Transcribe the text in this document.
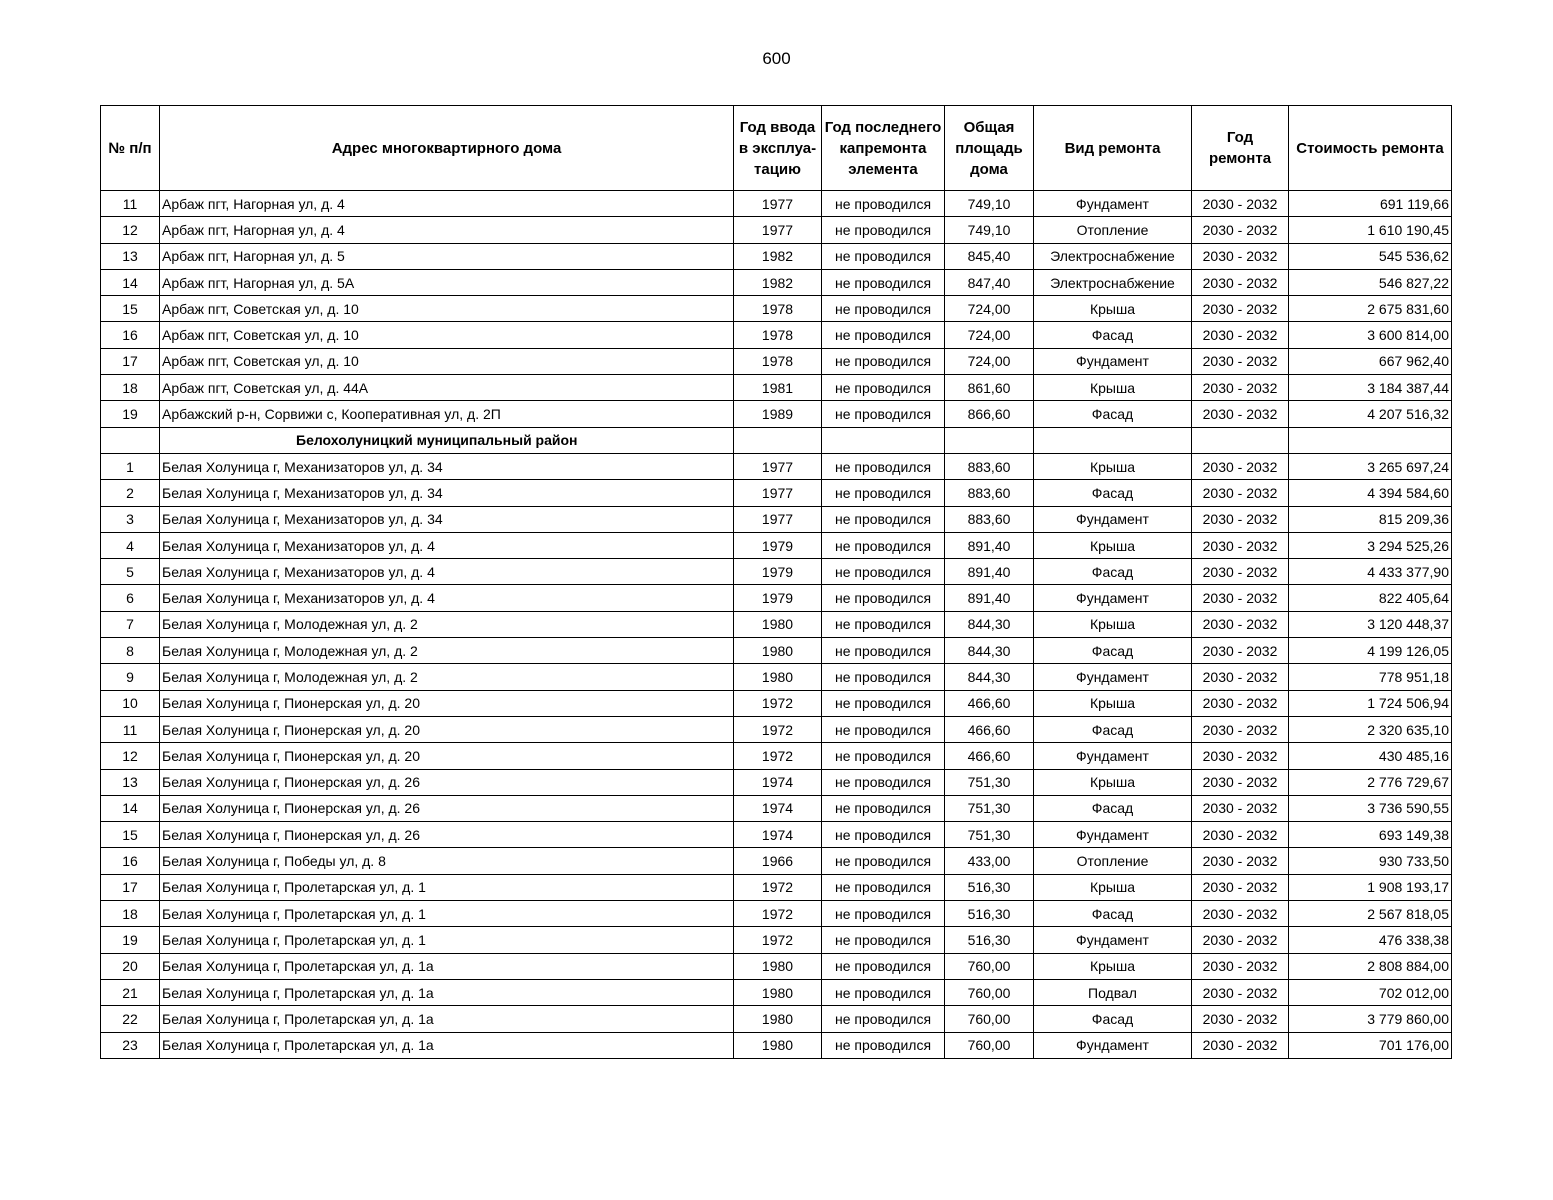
600
№ п/п	Адрес многоквартирного дома	Год ввода в эксплуа-тацию	Год последнего капремонта элемента	Общая площадь дома	Вид ремонта	Год ремонта	Стоимость ремонта
11	Арбаж пгт, Нагорная ул, д. 4	1977	не проводился	749,10	Фундамент	2030 - 2032	691 119,66
12	Арбаж пгт, Нагорная ул, д. 4	1977	не проводился	749,10	Отопление	2030 - 2032	1 610 190,45
13	Арбаж пгт, Нагорная ул, д. 5	1982	не проводился	845,40	Электроснабжение	2030 - 2032	545 536,62
14	Арбаж пгт, Нагорная ул, д. 5А	1982	не проводился	847,40	Электроснабжение	2030 - 2032	546 827,22
15	Арбаж пгт, Советская ул, д. 10	1978	не проводился	724,00	Крыша	2030 - 2032	2 675 831,60
16	Арбаж пгт, Советская ул, д. 10	1978	не проводился	724,00	Фасад	2030 - 2032	3 600 814,00
17	Арбаж пгт, Советская ул, д. 10	1978	не проводился	724,00	Фундамент	2030 - 2032	667 962,40
18	Арбаж пгт, Советская ул, д. 44А	1981	не проводился	861,60	Крыша	2030 - 2032	3 184 387,44
19	Арбажский р-н, Сорвижи с, Кооперативная ул, д. 2П	1989	не проводился	866,60	Фасад	2030 - 2032	4 207 516,32
	Белохолуницкий муниципальный район						
1	Белая Холуница г, Механизаторов ул, д. 34	1977	не проводился	883,60	Крыша	2030 - 2032	3 265 697,24
2	Белая Холуница г, Механизаторов ул, д. 34	1977	не проводился	883,60	Фасад	2030 - 2032	4 394 584,60
3	Белая Холуница г, Механизаторов ул, д. 34	1977	не проводился	883,60	Фундамент	2030 - 2032	815 209,36
4	Белая Холуница г, Механизаторов ул, д. 4	1979	не проводился	891,40	Крыша	2030 - 2032	3 294 525,26
5	Белая Холуница г, Механизаторов ул, д. 4	1979	не проводился	891,40	Фасад	2030 - 2032	4 433 377,90
6	Белая Холуница г, Механизаторов ул, д. 4	1979	не проводился	891,40	Фундамент	2030 - 2032	822 405,64
7	Белая Холуница г, Молодежная ул, д. 2	1980	не проводился	844,30	Крыша	2030 - 2032	3 120 448,37
8	Белая Холуница г, Молодежная ул, д. 2	1980	не проводился	844,30	Фасад	2030 - 2032	4 199 126,05
9	Белая Холуница г, Молодежная ул, д. 2	1980	не проводился	844,30	Фундамент	2030 - 2032	778 951,18
10	Белая Холуница г, Пионерская ул, д. 20	1972	не проводился	466,60	Крыша	2030 - 2032	1 724 506,94
11	Белая Холуница г, Пионерская ул, д. 20	1972	не проводился	466,60	Фасад	2030 - 2032	2 320 635,10
12	Белая Холуница г, Пионерская ул, д. 20	1972	не проводился	466,60	Фундамент	2030 - 2032	430 485,16
13	Белая Холуница г, Пионерская ул, д. 26	1974	не проводился	751,30	Крыша	2030 - 2032	2 776 729,67
14	Белая Холуница г, Пионерская ул, д. 26	1974	не проводился	751,30	Фасад	2030 - 2032	3 736 590,55
15	Белая Холуница г, Пионерская ул, д. 26	1974	не проводился	751,30	Фундамент	2030 - 2032	693 149,38
16	Белая Холуница г, Победы ул, д. 8	1966	не проводился	433,00	Отопление	2030 - 2032	930 733,50
17	Белая Холуница г, Пролетарская ул, д. 1	1972	не проводился	516,30	Крыша	2030 - 2032	1 908 193,17
18	Белая Холуница г, Пролетарская ул, д. 1	1972	не проводился	516,30	Фасад	2030 - 2032	2 567 818,05
19	Белая Холуница г, Пролетарская ул, д. 1	1972	не проводился	516,30	Фундамент	2030 - 2032	476 338,38
20	Белая Холуница г, Пролетарская ул, д. 1а	1980	не проводился	760,00	Крыша	2030 - 2032	2 808 884,00
21	Белая Холуница г, Пролетарская ул, д. 1а	1980	не проводился	760,00	Подвал	2030 - 2032	702 012,00
22	Белая Холуница г, Пролетарская ул, д. 1а	1980	не проводился	760,00	Фасад	2030 - 2032	3 779 860,00
23	Белая Холуница г, Пролетарская ул, д. 1а	1980	не проводился	760,00	Фундамент	2030 - 2032	701 176,00
